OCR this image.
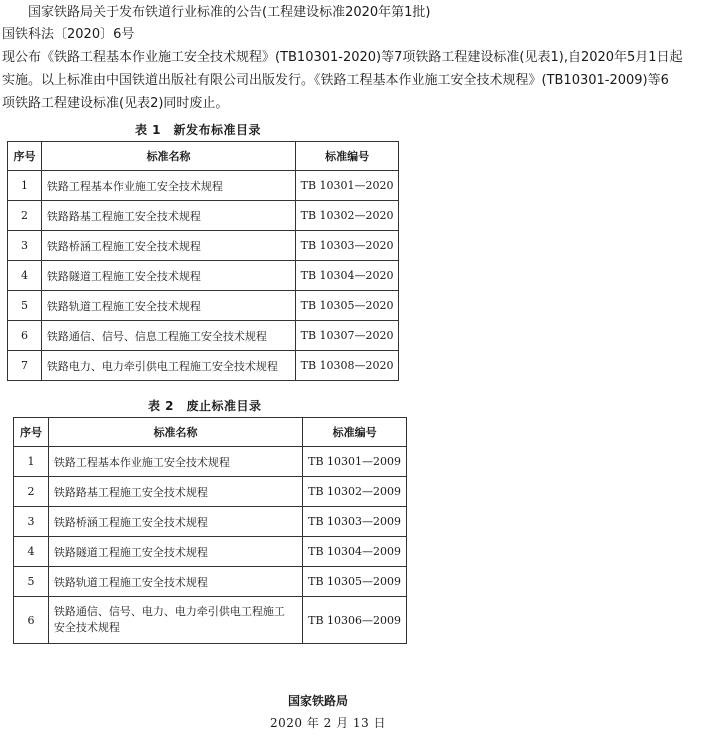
国家铁路局关于发布铁道行业标准的公告(工程建设标准2020年第1批)
国铁科法〔2020〕6号
现公布《铁路工程基本作业施工安全技术规程》(TB10301-2020)等7项铁路工程建设标准(见表1),自2020年5月1日起
实施。以上标准由中国铁道出版社有限公司出版发行。《铁路工程基本作业施工安全技术规程》(TB10301-2009)等6
项铁路工程建设标准(见表2)同时废止。
表 1　新发布标准目录
序号	标准名称	标准编号
1	铁路工程基本作业施工安全技术规程	TB 10301—2020
2	铁路路基工程施工安全技术规程	TB 10302—2020
3	铁路桥涵工程施工安全技术规程	TB 10303—2020
4	铁路隧道工程施工安全技术规程	TB 10304—2020
5	铁路轨道工程施工安全技术规程	TB 10305—2020
6	铁路通信、信号、信息工程施工安全技术规程	TB 10307—2020
7	铁路电力、电力牵引供电工程施工安全技术规程	TB 10308—2020
表 2　废止标准目录
序号	标准名称	标准编号
1	铁路工程基本作业施工安全技术规程	TB 10301—2009
2	铁路路基工程施工安全技术规程	TB 10302—2009
3	铁路桥涵工程施工安全技术规程	TB 10303—2009
4	铁路隧道工程施工安全技术规程	TB 10304—2009
5	铁路轨道工程施工安全技术规程	TB 10305—2009
6	铁路通信、信号、电力、电力牵引供电工程施工
安全技术规程	TB 10306—2009
国家铁路局
2020 年 2 月 13 日
